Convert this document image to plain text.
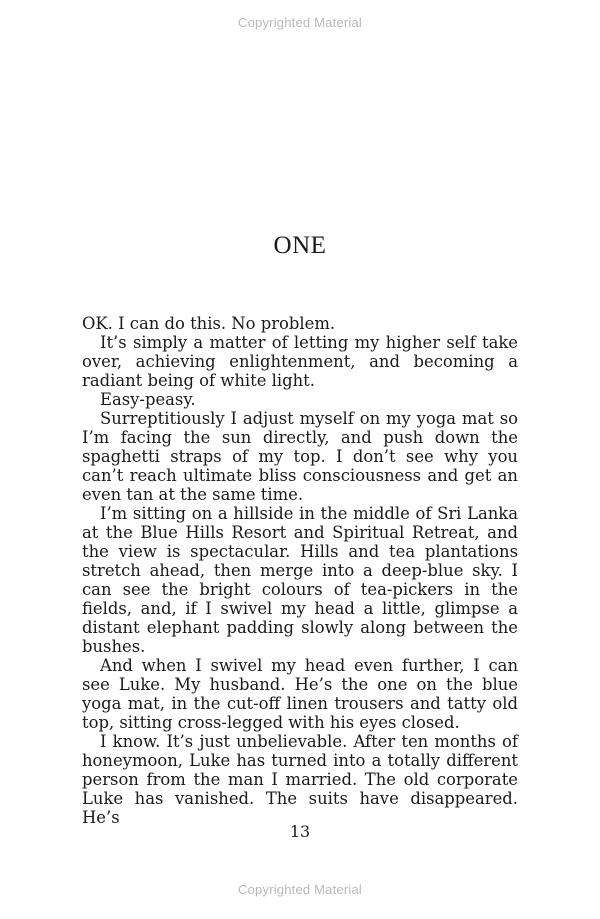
Copyrighted Material
ONE

OK. I can do this. No problem.

It’s simply a matter of letting my higher self take over, achieving enlightenment, and becoming a radiant being of white light.

Easy-peasy.

Surreptitiously I adjust myself on my yoga mat so I’m facing the sun directly, and push down the spaghetti straps of my top. I don’t see why you can’t reach ultimate bliss consciousness and get an even tan at the same time.

I’m sitting on a hillside in the middle of Sri Lanka at the Blue Hills Resort and Spiritual Retreat, and the view is spectacular. Hills and tea plantations stretch ahead, then merge into a deep-blue sky. I can see the bright colours of tea-pickers in the fields, and, if I swivel my head a little, glimpse a distant elephant padding slowly along between the bushes.

And when I swivel my head even further, I can see Luke. My husband. He’s the one on the blue yoga mat, in the cut-off linen trousers and tatty old top, sitting cross-legged with his eyes closed.

I know. It’s just unbelievable. After ten months of honeymoon, Luke has turned into a totally different person from the man I married. The old corporate Luke has vanished. The suits have disappeared. He’s

13
Copyrighted Material
